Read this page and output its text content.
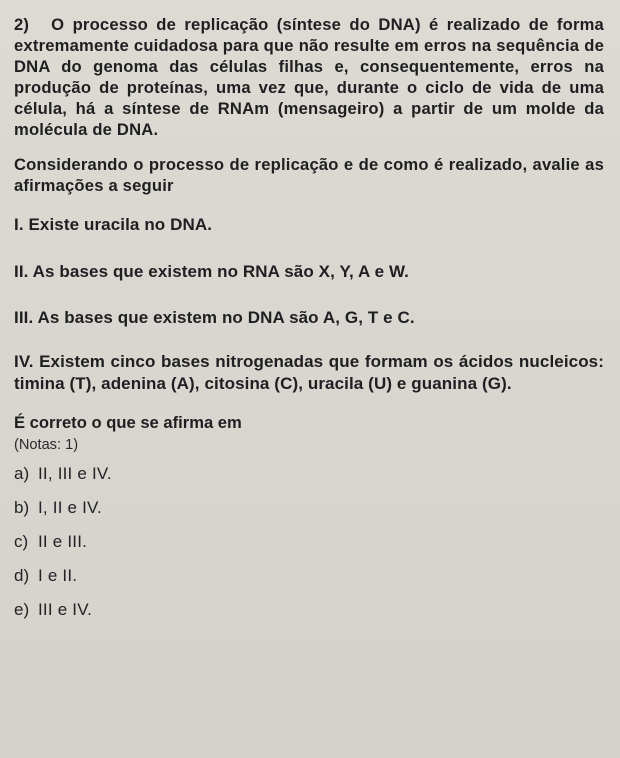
2) O processo de replicação (síntese do DNA) é realizado de forma extremamente cuidadosa para que não resulte em erros na sequência de DNA do genoma das células filhas e, consequentemente, erros na produção de proteínas, uma vez que, durante o ciclo de vida de uma célula, há a síntese de RNAm (mensageiro) a partir de um molde da molécula de DNA.

Considerando o processo de replicação e de como é realizado, avalie as afirmações a seguir

I. Existe uracila no DNA.

II. As bases que existem no RNA são X, Y, A e W.

III. As bases que existem no DNA são A, G, T e C.

IV. Existem cinco bases nitrogenadas que formam os ácidos nucleicos: timina (T), adenina (A), citosina (C), uracila (U) e guanina (G).

É correto o que se afirma em

(Notas: 1)

a) II, III e IV.
b) I, II e IV.
c) II e III.
d) I e II.
e) III e IV.
